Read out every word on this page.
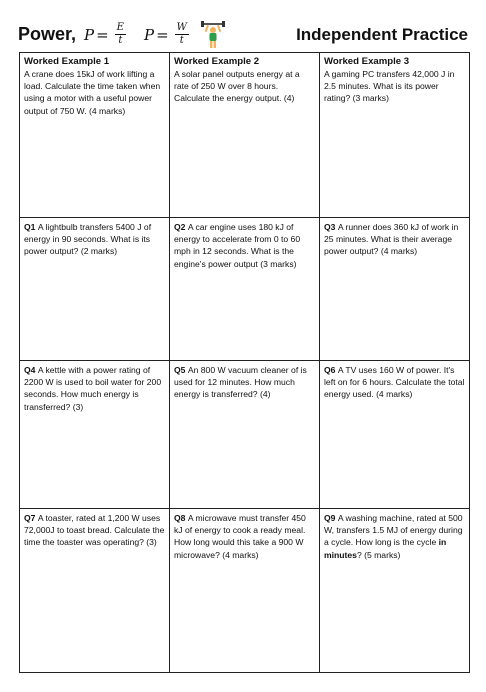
Power, $P = \frac{E}{t}$ $P = \frac{W}{t}$	Independent Practice
Worked Example 1
A crane does 15kJ of work lifting a load. Calculate the time taken when using a motor with a useful power output of 750 W. (4 marks)
Worked Example 2
A solar panel outputs energy at a rate of 250 W over 8 hours. Calculate the energy output. (4)
Worked Example 3
A gaming PC transfers 42,000 J in 2.5 minutes. What is its power rating? (3 marks)
Q1 A lightbulb transfers 5400 J of energy in 90 seconds. What is its power output? (2 marks)
Q2 A car engine uses 180 kJ of energy to accelerate from 0 to 60 mph in 12 seconds. What is the engine's power output (3 marks)
Q3 A runner does 360 kJ of work in 25 minutes. What is their average power output? (4 marks)
Q4 A kettle with a power rating of 2200 W is used to boil water for 200 seconds. How much energy is transferred? (3)
Q5 An 800 W vacuum cleaner of is used for 12 minutes. How much energy is transferred? (4)
Q6 A TV uses 160 W of power. It's left on for 6 hours. Calculate the total energy used. (4 marks)
Q7 A toaster, rated at 1,200 W uses 72,000J to toast bread. Calculate the time the toaster was operating? (3)
Q8 A microwave must transfer 450 kJ of energy to cook a ready meal. How long would this take a 900 W microwave? (4 marks)
Q9 A washing machine, rated at 500 W, transfers 1.5 MJ of energy during a cycle. How long is the cycle in minutes? (5 marks)
